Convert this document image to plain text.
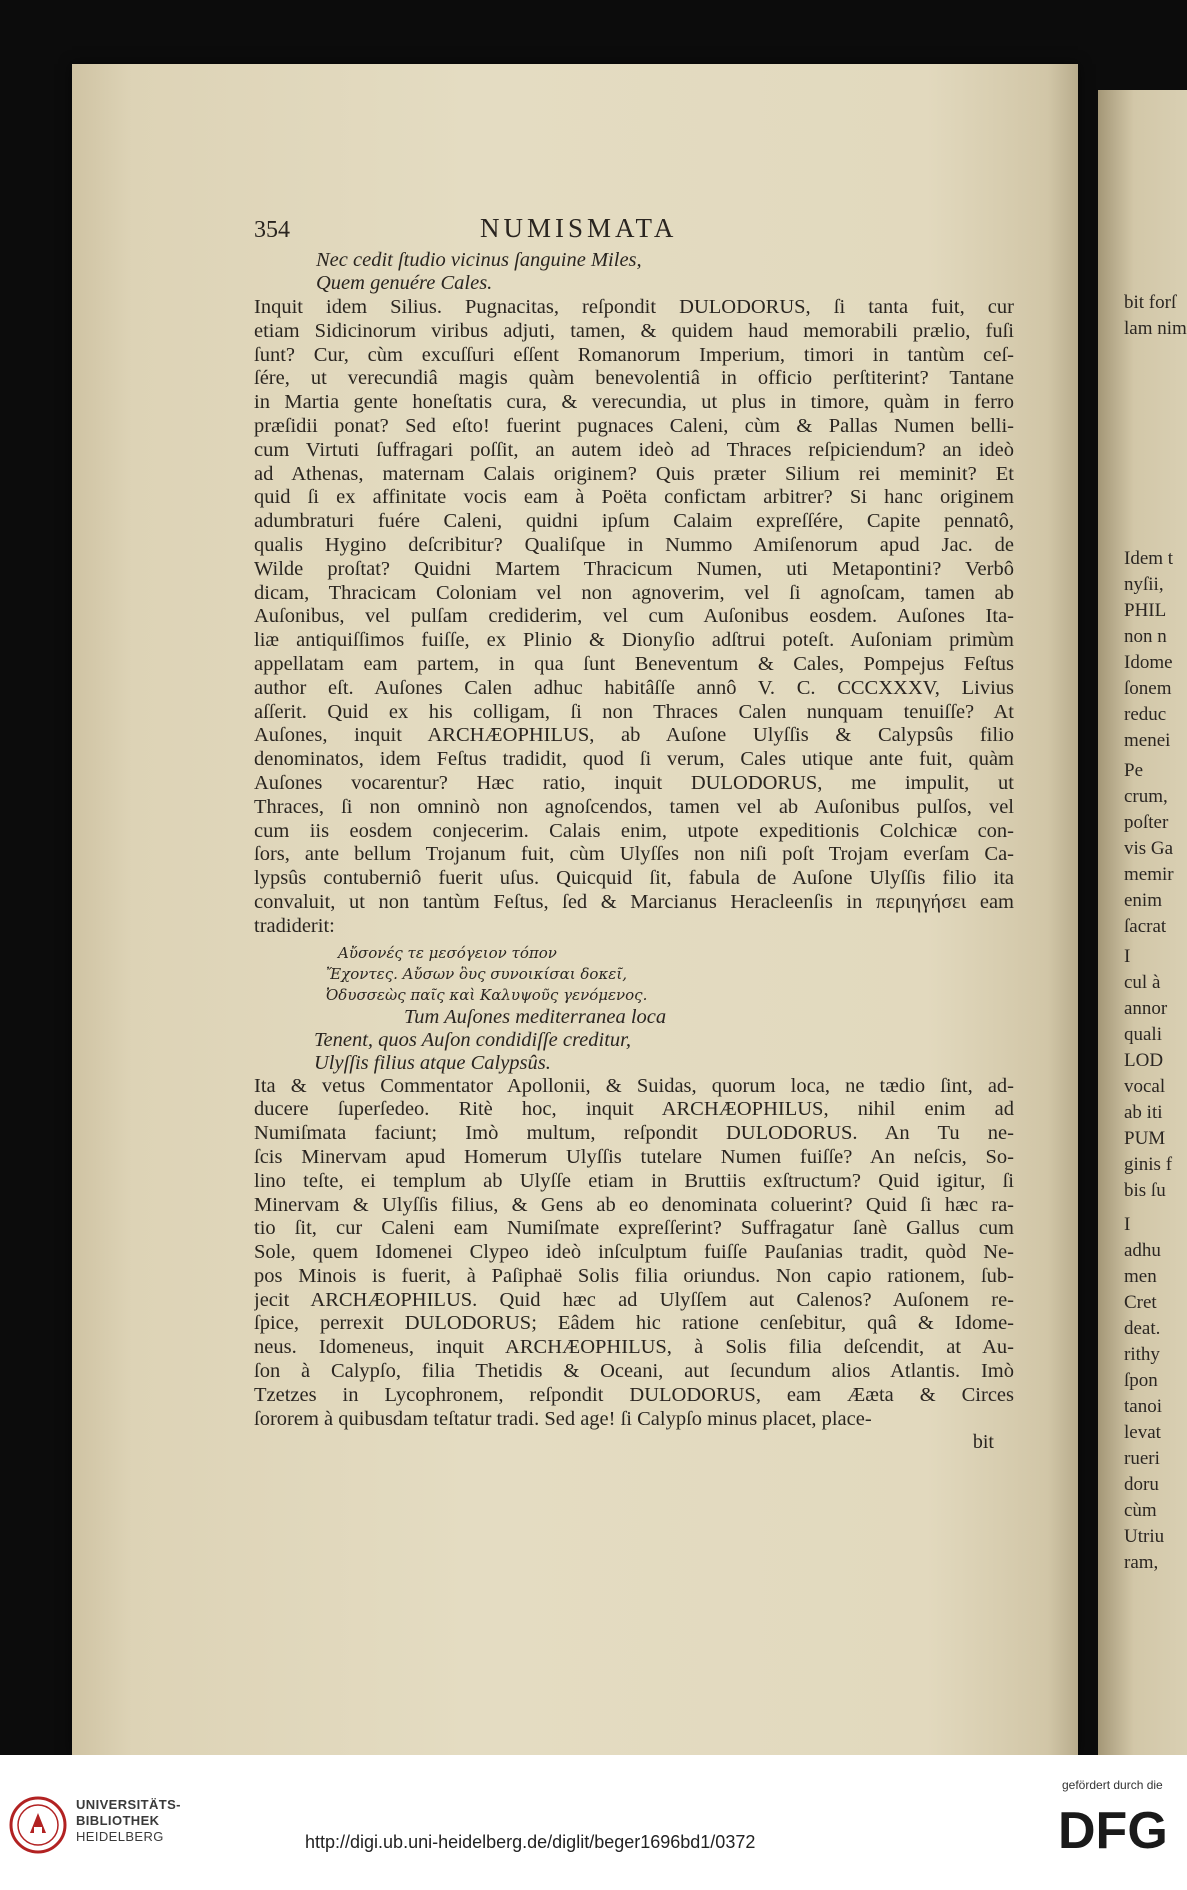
354	NUMISMATA
Nec cedit ſtudio vicinus ſanguine Miles,
Quem genuére Cales.
Inquit idem Silius. Pugnacitas, reſpondit DULODORUS, ſi tanta fuit, cur
etiam Sidicinorum viribus adjuti, tamen, & quidem haud memorabili prælio, fuſi
ſunt? Cur, cùm excuſſuri eſſent Romanorum Imperium, timori in tantùm ceſ-
ſére, ut verecundiâ magis quàm benevolentiâ in officio perſtiterint? Tantane
in Martia gente honeſtatis cura, & verecundia, ut plus in timore, quàm in ferro
præſidii ponat? Sed eſto! fuerint pugnaces Caleni, cùm & Pallas Numen belli-
cum Virtuti ſuffragari poſſit, an autem ideò ad Thraces reſpiciendum? an ideò
ad Athenas, maternam Calais originem? Quis præter Silium rei meminit? Et
quid ſi ex affinitate vocis eam à Poëta confictam arbitrer? Si hanc originem
adumbraturi fuére Caleni, quidni ipſum Calaim expreſſére, Capite pennatô,
qualis Hygino deſcribitur? Qualiſque in Nummo Amiſenorum apud Jac. de
Wilde proſtat? Quidni Martem Thracicum Numen, uti Metapontini? Verbô
dicam, Thracicam Coloniam vel non agnoverim, vel ſi agnoſcam, tamen ab
Auſonibus, vel pulſam crediderim, vel cum Auſonibus eosdem. Auſones Ita-
liæ antiquiſſimos fuiſſe, ex Plinio & Dionyſio adſtrui poteſt. Auſoniam primùm
appellatam eam partem, in qua ſunt Beneventum & Cales, Pompejus Feſtus
author eſt. Auſones Calen adhuc habitâſſe annô V. C. CCCXXXV, Livius
aſſerit. Quid ex his colligam, ſi non Thraces Calen nunquam tenuiſſe? At
Auſones, inquit ARCHÆOPHILUS, ab Auſone Ulyſſis & Calypsûs filio
denominatos, idem Feſtus tradidit, quod ſi verum, Cales utique ante fuit, quàm
Auſones vocarentur? Hæc ratio, inquit DULODORUS, me impulit, ut
Thraces, ſi non omninò non agnoſcendos, tamen vel ab Auſonibus pulſos, vel
cum iis eosdem conjecerim. Calais enim, utpote expeditionis Colchicæ con-
ſors, ante bellum Trojanum fuit, cùm Ulyſſes non niſi poſt Trojam everſam Ca-
lypsûs contuberniô fuerit uſus. Quicquid ſit, fabula de Auſone Ulyſſis filio ita
convaluit, ut non tantùm Feſtus, ſed & Marcianus Heracleenſis in περιηγήσει eam
tradiderit:
Αὔσονές τε μεσόγειον τόπον
Ἔχοντες. Αὔσων ὃυς συνοικίσαι δοκεῖ,
Ὀδυσσεὼς παῖς καὶ Καλυψοῦς γενόμενος.
Tum Auſones mediterranea loca
Tenent, quos Auſon condidiſſe creditur,
Ulyſſis filius atque Calypsûs.
Ita & vetus Commentator Apollonii, & Suidas, quorum loca, ne tædio ſint, ad-
ducere ſuperſedeo. Ritè hoc, inquit ARCHÆOPHILUS, nihil enim ad
Numiſmata faciunt; Imò multum, reſpondit DULODORUS. An Tu ne-
ſcis Minervam apud Homerum Ulyſſis tutelare Numen fuiſſe? An neſcis, So-
lino teſte, ei templum ab Ulyſſe etiam in Bruttiis exſtructum? Quid igitur, ſi
Minervam & Ulyſſis filius, & Gens ab eo denominata coluerint? Quid ſi hæc ra-
tio ſit, cur Caleni eam Numiſmate expreſſerint? Suffragatur ſanè Gallus cum
Sole, quem Idomenei Clypeo ideò inſculptum fuiſſe Pauſanias tradit, quòd Ne-
pos Minois is fuerit, à Paſiphaë Solis filia oriundus. Non capio rationem, ſub-
jecit ARCHÆOPHILUS. Quid hæc ad Ulyſſem aut Calenos? Auſonem re-
ſpice, perrexit DULODORUS; Eâdem hic ratione cenſebitur, quâ & Idome-
neus. Idomeneus, inquit ARCHÆOPHILUS, à Solis filia deſcendit, at Au-
ſon à Calypſo, filia Thetidis & Oceani, aut ſecundum alios Atlantis. Imò
Tzetzes in Lycophronem, reſpondit DULODORUS, eam Ææta & Circes
ſororem à quibusdam teſtatur tradi. Sed age! ſi Calypſo minus placet, place-
bit
bit forſ
lam nim
Idem t
nyſii,
PHIL
non n
Idome
ſonem
reduc
menei
Pe
crum,
poſter
vis Ga
memir
enim
ſacrat
I
cul à
annor
quali
LOD
vocal
ab iti
PUM
ginis f
bis ſu
I
adhu
men
Cret
deat.
rithy
ſpon
tanoi
levat
rueri
doru
cùm
Utriu
ram,
UNIVERSITÄTS-
BIBLIOTHEK
HEIDELBERG	http://digi.ub.uni-heidelberg.de/diglit/beger1696bd1/0372
gefördert durch die
DFG
